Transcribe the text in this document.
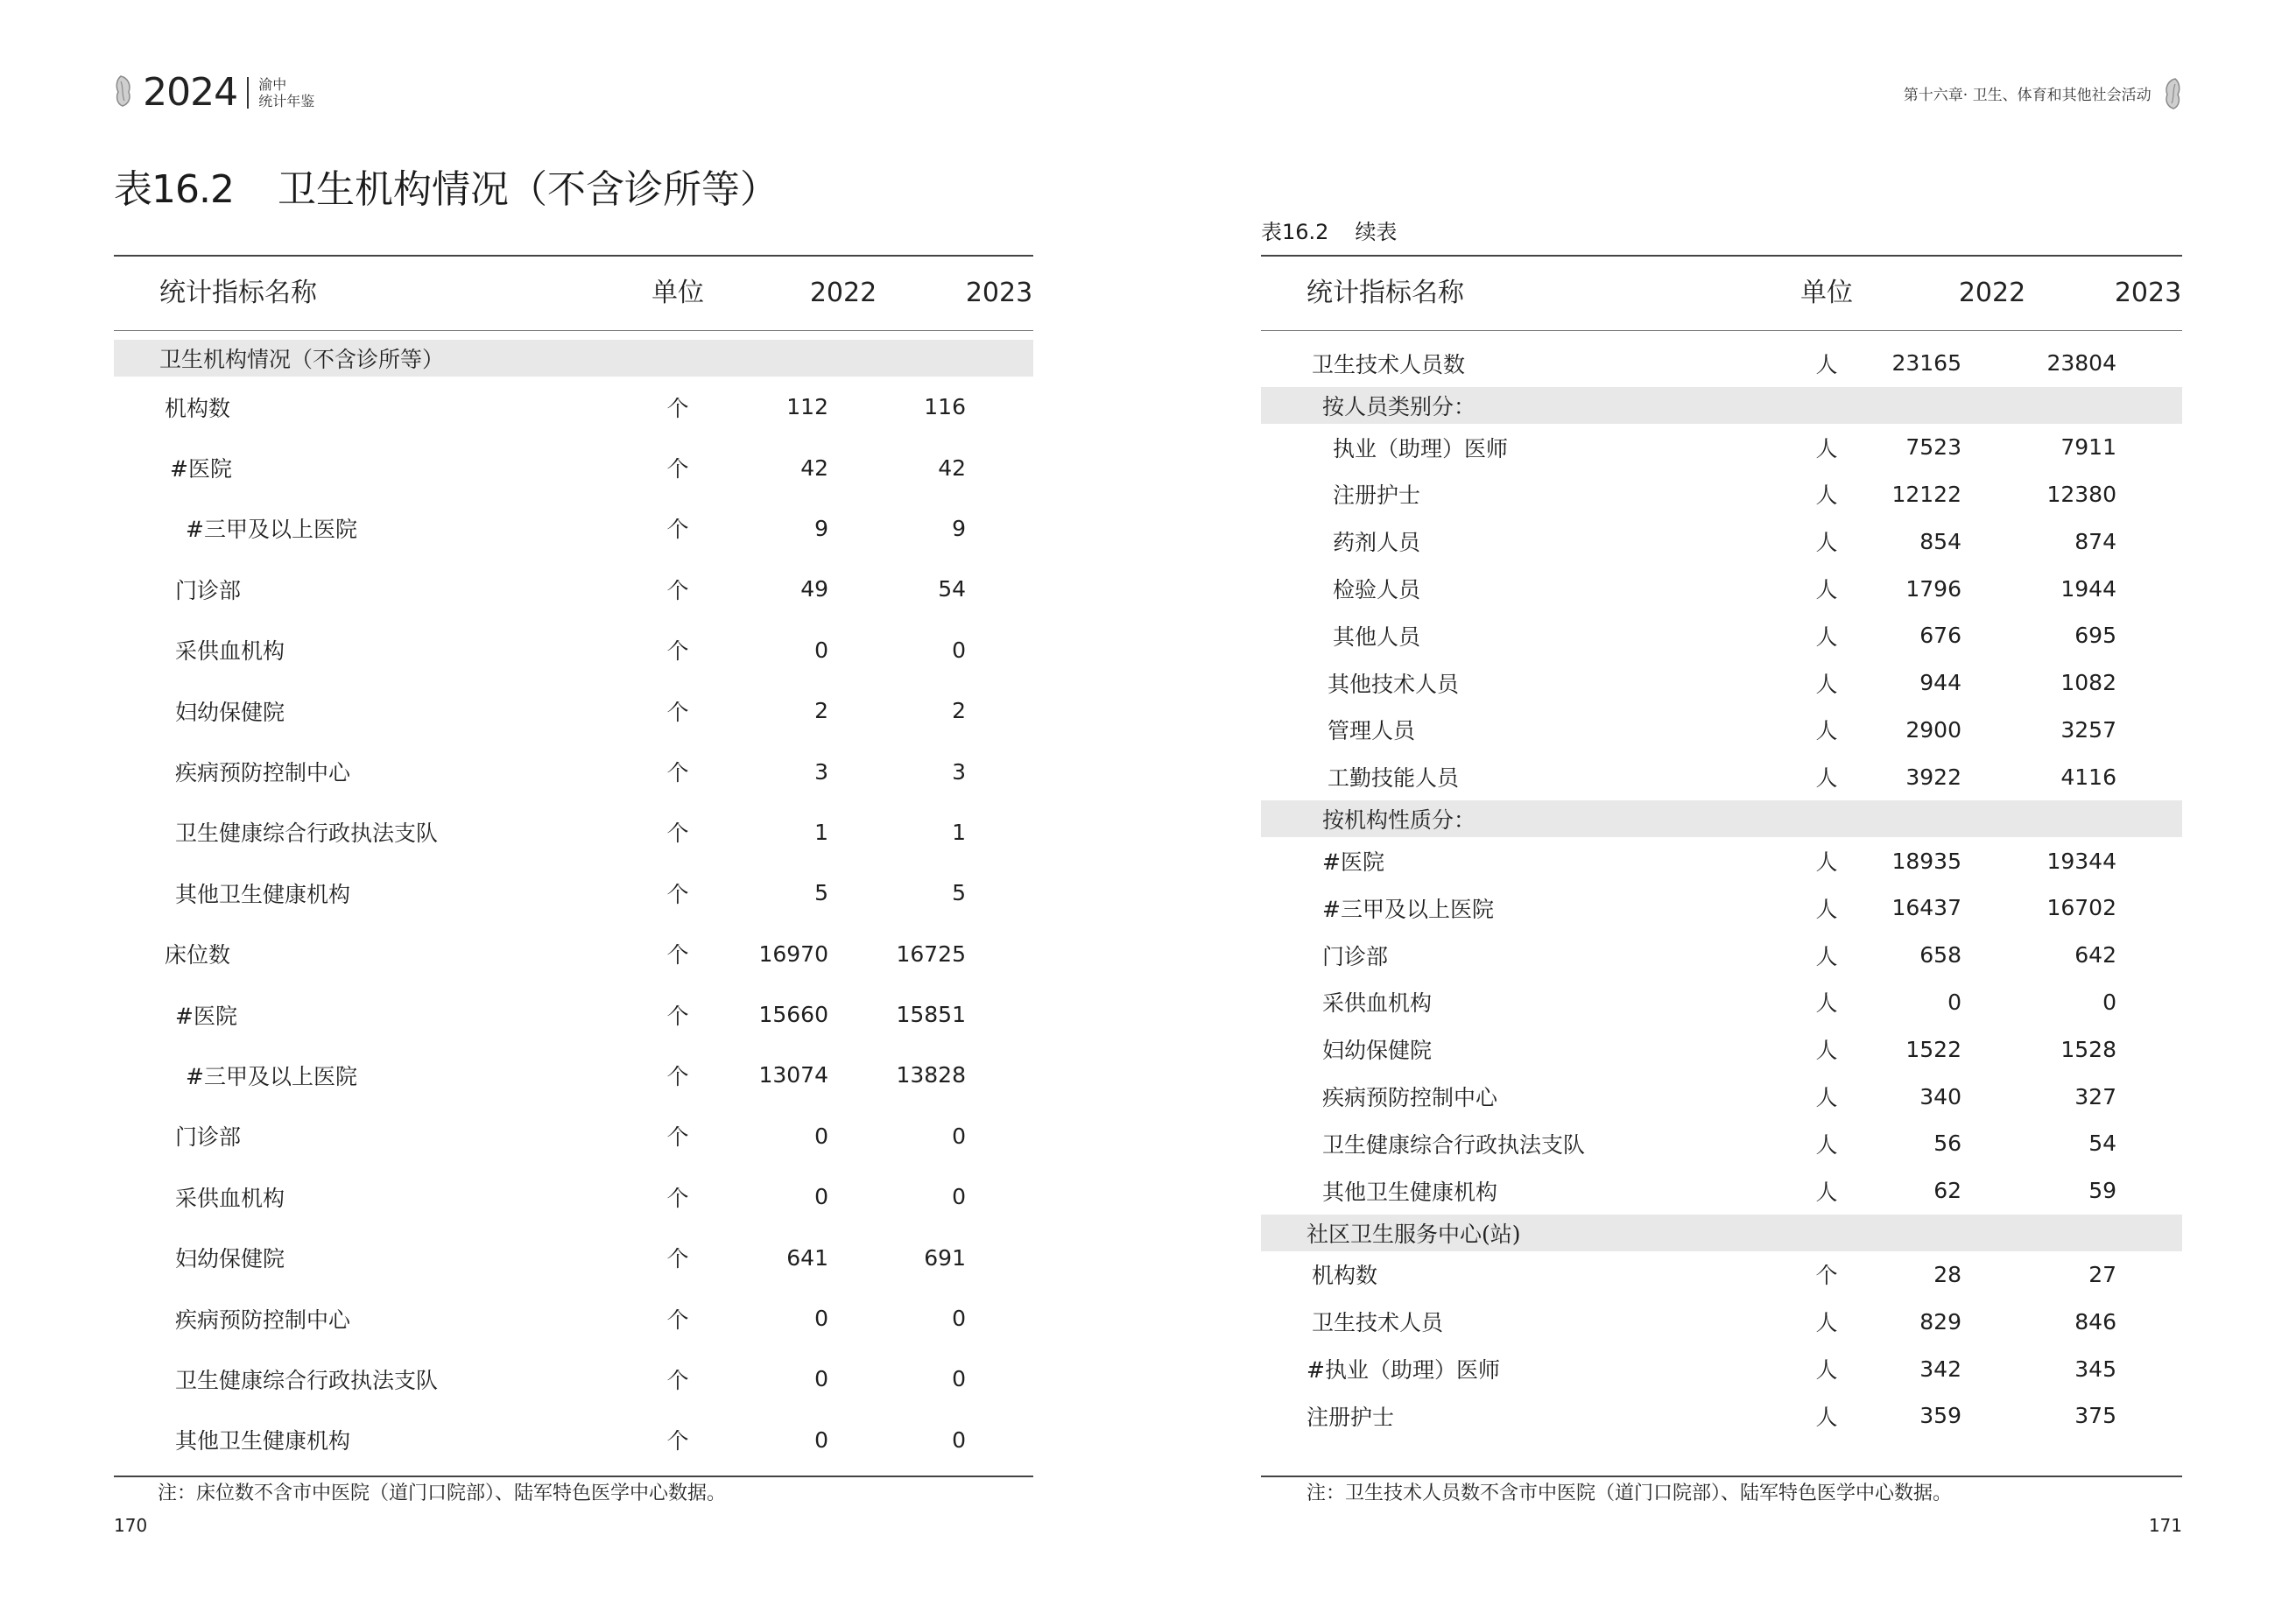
2024 渝中
统计年鉴	第十六章· 卫生、体育和其他社会活动
表16.2 卫生机构情况（不含诊所等）
表16.2 续表
统计指标名称	单位	2022	2023
卫生机构情况（不含诊所等）
机构数	个	112	116
#医院	个	42	42
#三甲及以上医院	个	9	9
门诊部	个	49	54
采供血机构	个	0	0
妇幼保健院	个	2	2
疾病预防控制中心	个	3	3
卫生健康综合行政执法支队	个	1	1
其他卫生健康机构	个	5	5
床位数	个	16970	16725
#医院	个	15660	15851
#三甲及以上医院	个	13074	13828
门诊部	个	0	0
采供血机构	个	0	0
妇幼保健院	个	641	691
疾病预防控制中心	个	0	0
卫生健康综合行政执法支队	个	0	0
其他卫生健康机构	个	0	0
统计指标名称	单位	2022	2023
卫生技术人员数	人	23165	23804
按人员类别分：
执业（助理）医师	人	7523	7911
注册护士	人	12122	12380
药剂人员	人	854	874
检验人员	人	1796	1944
其他人员	人	676	695
其他技术人员	人	944	1082
管理人员	人	2900	3257
工勤技能人员	人	3922	4116
按机构性质分：
#医院	人	18935	19344
#三甲及以上医院	人	16437	16702
门诊部	人	658	642
采供血机构	人	0	0
妇幼保健院	人	1522	1528
疾病预防控制中心	人	340	327
卫生健康综合行政执法支队	人	56	54
其他卫生健康机构	人	62	59
社区卫生服务中心(站)
机构数	个	28	27
卫生技术人员	人	829	846
#执业（助理）医师	人	342	345
注册护士	人	359	375
注：床位数不含市中医院（道门口院部）、陆军特色医学中心数据。	注：卫生技术人员数不含市中医院（道门口院部）、陆军特色医学中心数据。
170	171
